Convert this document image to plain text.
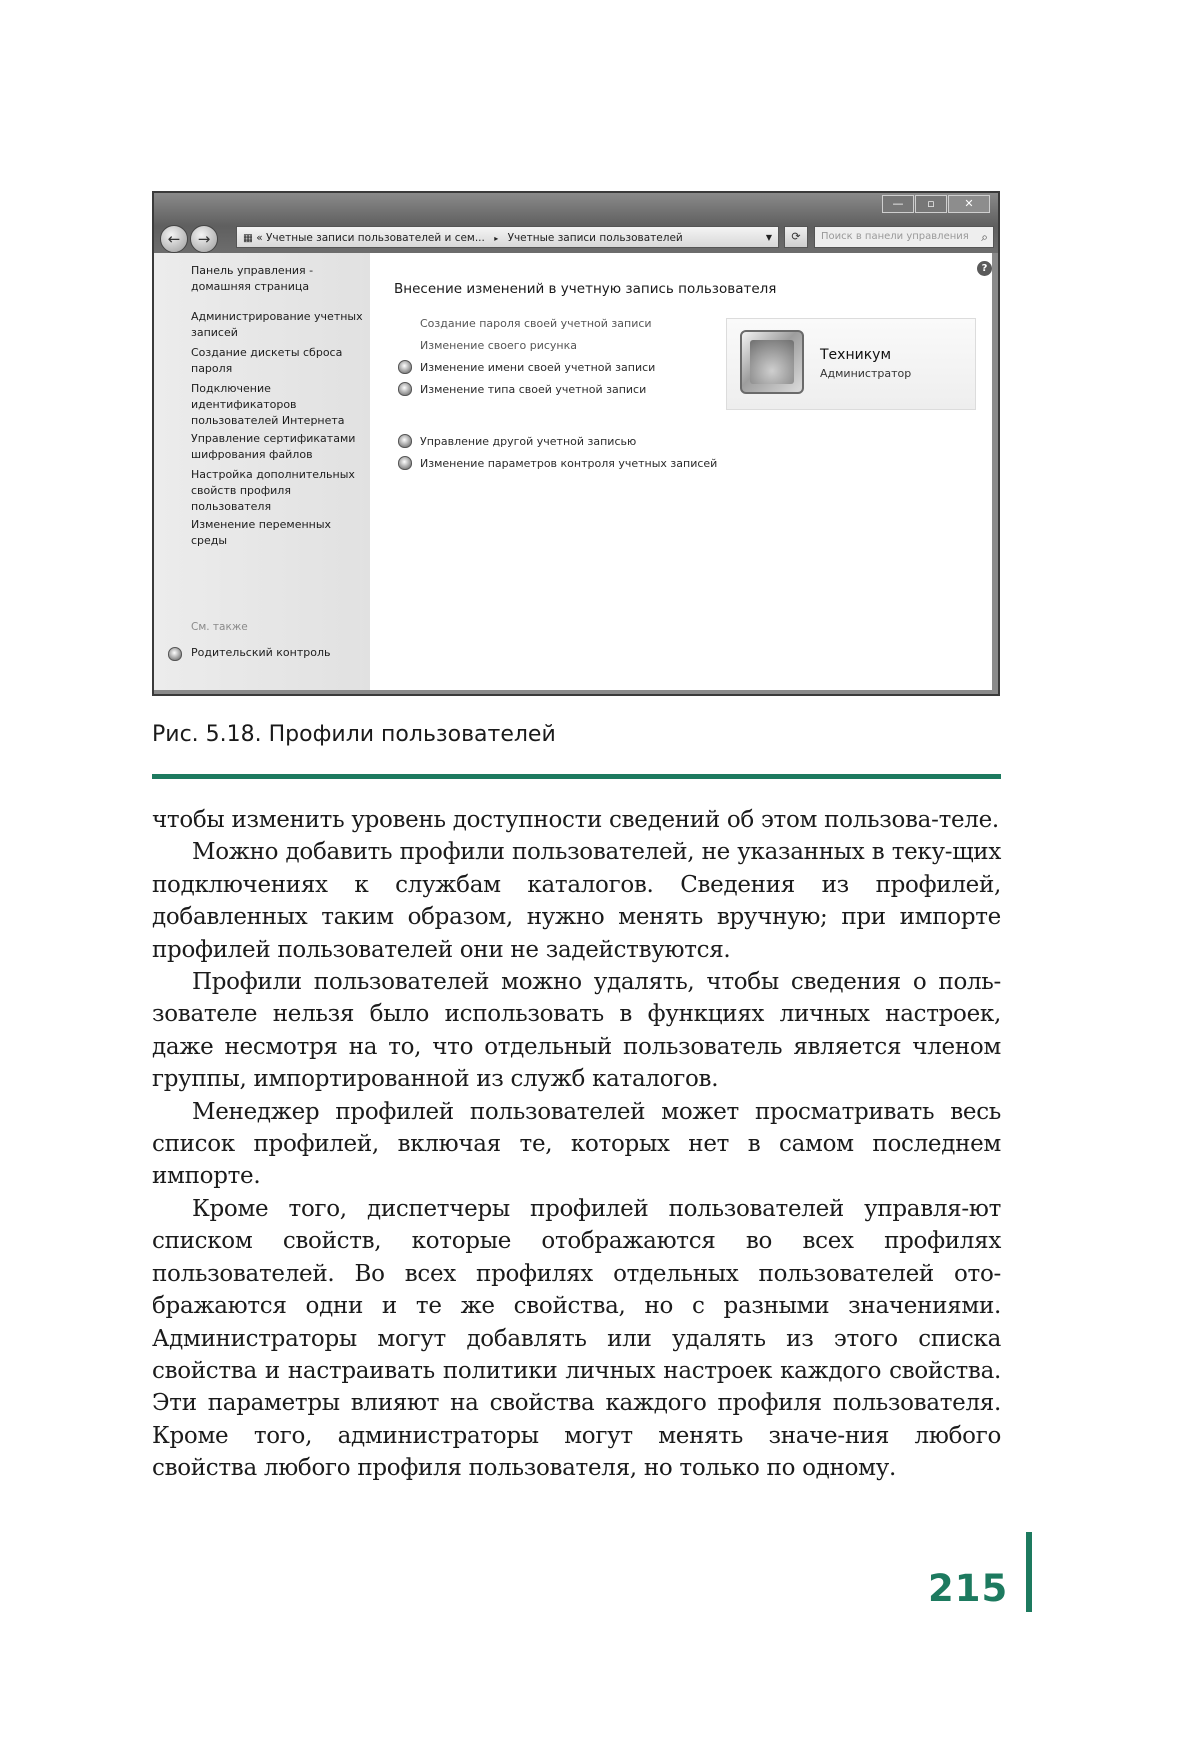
—	▫	✕
←	→	▦ « Учетные записи пользователей и сем... ▸ Учетные записи пользователей	▼	⟳	Поиск в панели управления ⌕
Панель управления - домашняя страница
Администрирование учетных записей
Создание дискеты сброса пароля
Подключение идентификаторов пользователей Интернета
Управление сертификатами шифрования файлов
Настройка дополнительных свойств профиля пользователя
Изменение переменных среды
См. также
Родительский контроль
?
Внесение изменений в учетную запись пользователя
Создание пароля своей учетной записи
Изменение своего рисунка
Изменение имени своей учетной записи
Изменение типа своей учетной записи
Управление другой учетной записью
Изменение параметров контроля учетных записей
Техникум
Администратор
Рис. 5.18. Профили пользователей

чтобы изменить уровень доступности сведений об этом пользова-теле.

Можно добавить профили пользователей, не указанных в теку-щих подключениях к службам каталогов. Сведения из профилей, добавленных таким образом, нужно менять вручную; при импорте профилей пользователей они не задействуются.

Профили пользователей можно удалять, чтобы сведения о поль-зователе нельзя было использовать в функциях личных настроек, даже несмотря на то, что отдельный пользователь является членом группы, импортированной из служб каталогов.

Менеджер профилей пользователей может просматривать весь список профилей, включая те, которых нет в самом последнем импорте.

Кроме того, диспетчеры профилей пользователей управля-ют списком свойств, которые отображаются во всех профилях пользователей. Во всех профилях отдельных пользователей ото-бражаются одни и те же свойства, но с разными значениями. Администраторы могут добавлять или удалять из этого списка свойства и настраивать политики личных настроек каждого свойства. Эти параметры влияют на свойства каждого профиля пользователя. Кроме того, администраторы могут менять значе-ния любого свойства любого профиля пользователя, но только по одному.

215
